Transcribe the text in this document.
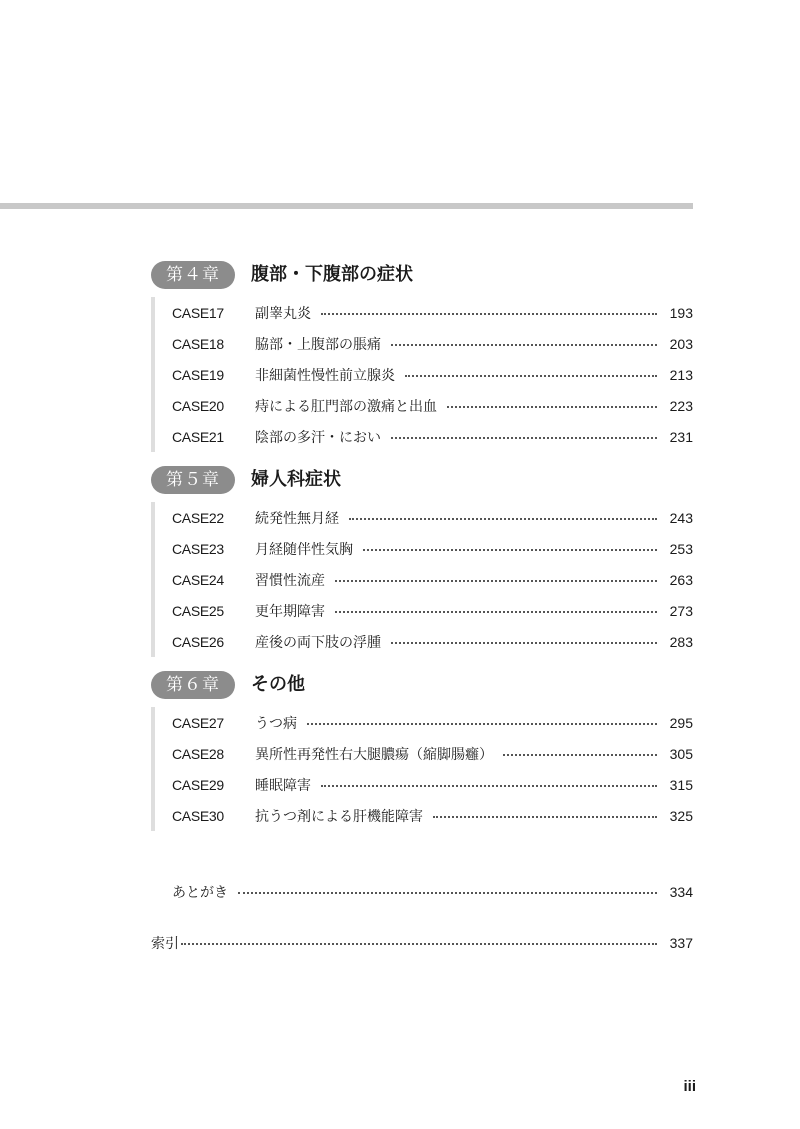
第４章	腹部・下腹部の症状
CASE17	副睾丸炎	193
CASE18	脇部・上腹部の脹痛	203
CASE19	非細菌性慢性前立腺炎	213
CASE20	痔による肛門部の激痛と出血	223
CASE21	陰部の多汗・におい	231
第５章	婦人科症状
CASE22	続発性無月経	243
CASE23	月経随伴性気胸	253
CASE24	習慣性流産	263
CASE25	更年期障害	273
CASE26	産後の両下肢の浮腫	283
第６章	その他
CASE27	うつ病	295
CASE28	異所性再発性右大腿膿瘍（縮脚腸癰）	305
CASE29	睡眠障害	315
CASE30	抗うつ剤による肝機能障害	325
あとがき	334
索引	337
iii
